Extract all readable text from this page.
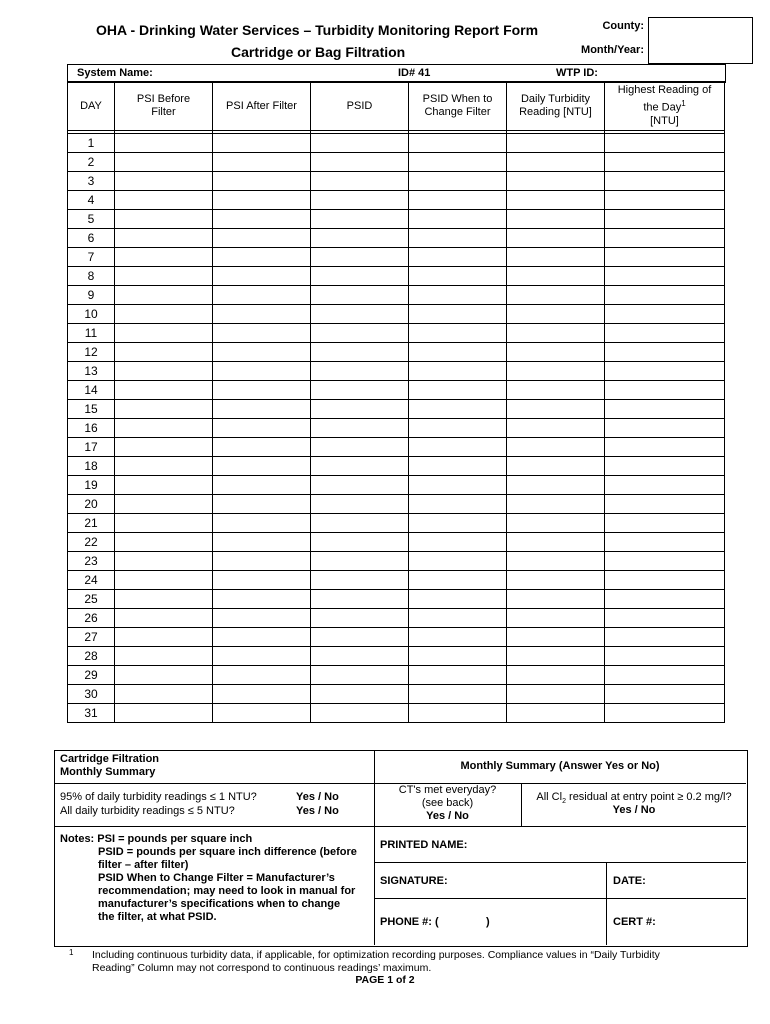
OHA - Drinking Water Services – Turbidity Monitoring Report Form
Cartridge or Bag Filtration
County:
Month/Year:
System Name:	ID# 41	WTP ID:
DAY	PSI Before Filter	PSI After Filter	PSID	PSID When to Change Filter	Daily Turbidity Reading [NTU]	Highest Reading of the Day$^1$
[NTU]

1						
2						
3						
4						
5						
6						
7						
8						
9						
10						
11						
12						
13						
14						
15						
16						
17						
18						
19						
20						
21						
22						
23						
24						
25						
26						
27						
28						
29						
30						
31						
Cartridge Filtration
Monthly Summary	Monthly Summary (Answer Yes or No)
95% of daily turbidity readings ≤ 1 NTU?	Yes / No
All daily turbidity readings ≤ 5 NTU?	Yes / No
CT's met everyday?
(see back)
Yes / No
All $Cl_2$ residual at entry point ≥ 0.2 mg/l?
Yes / No
Notes: PSI = pounds per square inch
PSID = pounds per square inch difference (before
filter – after filter)
PSID When to Change Filter = Manufacturer’s
recommendation; may need to look in manual for
manufacturer’s specifications when to change
the filter, at what PSID.
PRINTED NAME:
SIGNATURE:	DATE:
PHONE #: (	)	CERT #:
1 Including continuous turbidity data, if applicable, for optimization recording purposes. Compliance values in “Daily Turbidity
Reading” Column may not correspond to continuous readings’ maximum.
PAGE 1 of 2
